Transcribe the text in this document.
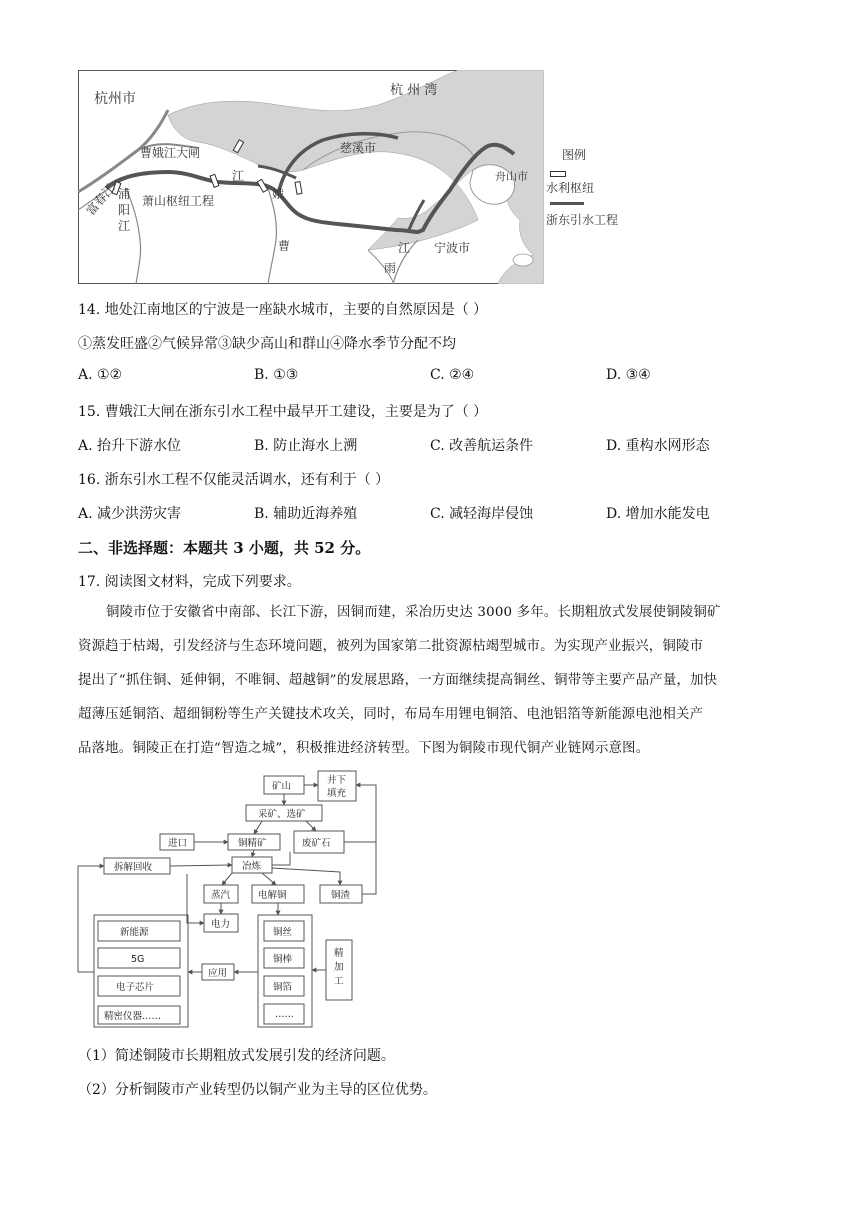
杭州市
杭 州 湾
慈溪市
舟山市
宁波市
曹娥江大闸
萧山枢纽工程
富春江
江
娥
曹	江
雨
浦阳江
图例
水利枢纽
浙东引水工程
14. 地处江南地区的宁波是一座缺水城市，主要的自然原因是（ ）
①蒸发旺盛②气候异常③缺少高山和群山④降水季节分配不均
A. ①②	B. ①③	C. ②④	D. ③④
15. 曹娥江大闸在浙东引水工程中最早开工建设，主要是为了（ ）
A. 抬升下游水位	B. 防止海水上溯	C. 改善航运条件	D. 重构水网形态
16. 浙东引水工程不仅能灵活调水，还有利于（ ）
A. 减少洪涝灾害	B. 辅助近海养殖	C. 减轻海岸侵蚀	D. 增加水能发电
二、非选择题：本题共 3 小题，共 52 分。
17. 阅读图文材料，完成下列要求。
铜陵市位于安徽省中南部、长江下游，因铜而建，采冶历史达 3000 多年。长期粗放式发展使铜陵铜矿
资源趋于枯竭，引发经济与生态环境问题，被列为国家第二批资源枯竭型城市。为实现产业振兴，铜陵市
提出了“抓住铜、延伸铜，不唯铜、超越铜”的发展思路，一方面继续提高铜丝、铜带等主要产品产量，加快
超薄压延铜箔、超细铜粉等生产关键技术攻关，同时，布局车用锂电铜箔、电池铝箔等新能源电池相关产
品落地。铜陵正在打造“智造之城”，积极推进经济转型。下图为铜陵市现代铜产业链网示意图。
矿山
井下
填充
采矿、选矿
进口	铜精矿	废矿石
拆解回收	冶炼
蒸汽	电解铜	铜渣
电力
新能源
5G
电子芯片
精密仪器……
应用
铜丝
铜棒
铜箔
……
精 加 工
（1）简述铜陵市长期粗放式发展引发的经济问题。
（2）分析铜陵市产业转型仍以铜产业为主导的区位优势。
